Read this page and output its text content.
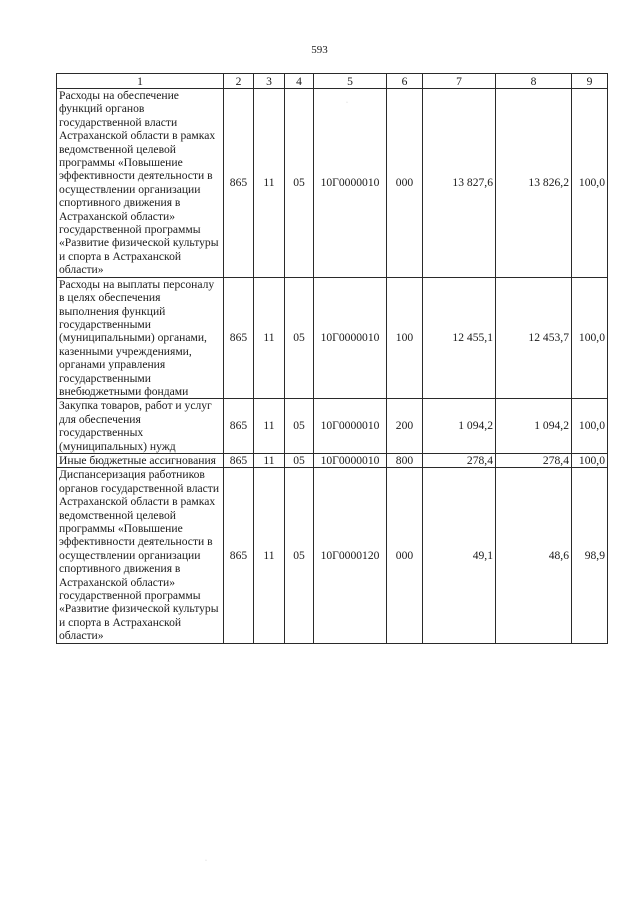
593
1	2	3	4	5	6	7	8	9
Расходы на обеспечение функций органов государственной власти Астраханской области в рамках ведомственной целевой программы «Повышение эффективности деятельности в осуществлении организации спортивного движения в Астраханской области» государственной программы «Развитие физической культуры и спорта в Астраханской области»	865	11	05	10Г0000010	000	13 827,6	13 826,2	100,0
Расходы на выплаты персоналу в целях обеспечения выполнения функций государственными (муниципальными) органами, казенными учреждениями, органами управления государственными внебюджетными фондами	865	11	05	10Г0000010	100	12 455,1	12 453,7	100,0
Закупка товаров, работ и услуг для обеспечения государственных (муниципальных) нужд	865	11	05	10Г0000010	200	1 094,2	1 094,2	100,0
Иные бюджетные ассигнования	865	11	05	10Г0000010	800	278,4	278,4	100,0
Диспансеризация работников органов государственной власти Астраханской области в рамках ведомственной целевой программы «Повышение эффективности деятельности в осуществлении организации спортивного движения в Астраханской области» государственной программы «Развитие физической культуры и спорта в Астраханской области»	865	11	05	10Г0000120	000	49,1	48,6	98,9
·
·
